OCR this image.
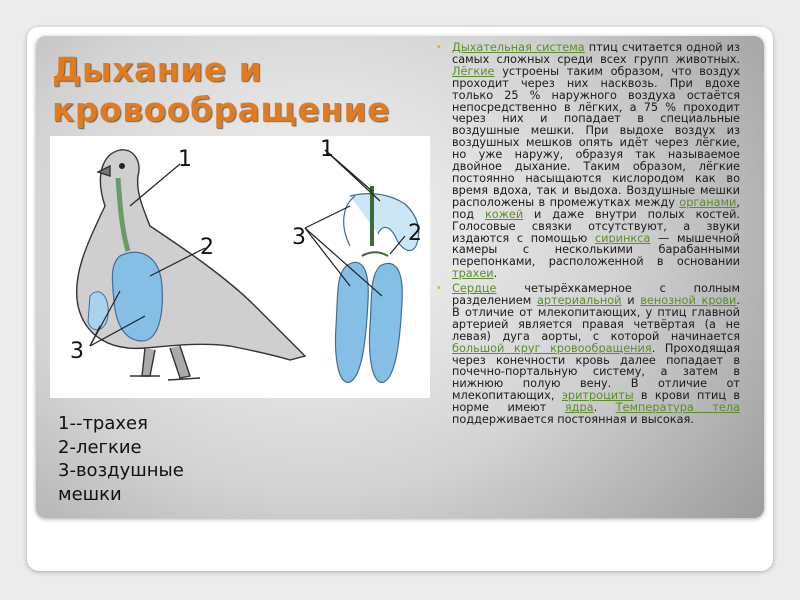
Дыхание и кровообращение
1
2
3
1
3	2
1--трахея
2-легкие
3-воздушные
мешки
• Дыхательная система птиц считается одной из самых сложных среди всех групп животных. Лёгкие устроены таким образом, что воздух проходит через них насквозь. При вдохе только 25 % наружного воздуха остаётся непосредственно в лёгких, а 75 % проходит через них и попадает в специальные воздушные мешки. При выдохе воздух из воздушных мешков опять идёт через лёгкие, но уже наружу, образуя так называемое двойное дыхание. Таким образом, лёгкие постоянно насыщаются кислородом как во время вдоха, так и выдоха. Воздушные мешки расположены в промежутках между органами, под кожей и даже внутри полых костей. Голосовые связки отсутствуют, а звуки издаются с помощью сиринкса — мышечной камеры с несколькими барабанными перепонками, расположенной в основании трахеи.
• Сердце четырёхкамерное с полным разделением артериальной и венозной крови. В отличие от млекопитающих, у птиц главной артерией является правая четвёртая (а не левая) дуга аорты, с которой начинается большой круг кровообращения. Проходящая через конечности кровь далее попадает в почечно-портальную систему, а затем в нижнюю полую вену. В отличие от млекопитающих, эритроциты в крови птиц в норме имеют ядра. Температура тела поддерживается постоянная и высокая.
